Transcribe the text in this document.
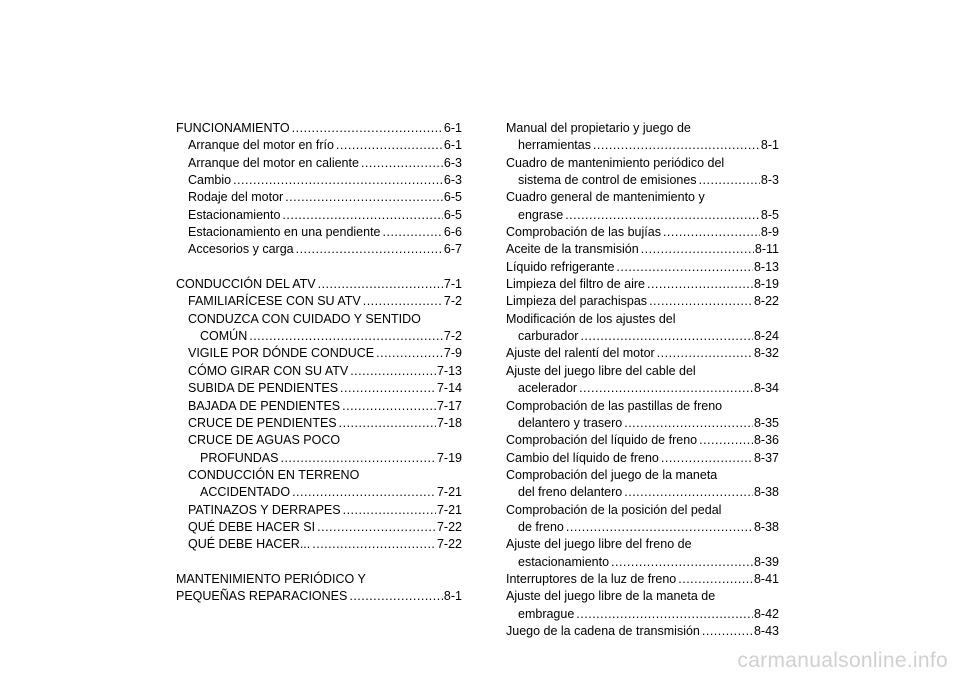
FUNCIONAMIENTO .....	6-1
Arranque del motor en frío .....	6-1
Arranque del motor en caliente .....	6-3
Cambio .....	6-3
Rodaje del motor .....	6-5
Estacionamiento .....	6-5
Estacionamiento en una pendiente .....	6-6
Accesorios y carga .....	6-7
CONDUCCIÓN DEL ATV .....	7-1
FAMILIARÍCESE CON SU ATV .....	7-2
CONDUZCA CON CUIDADO Y SENTIDO
COMÚN .....	7-2
VIGILE POR DÓNDE CONDUCE .....	7-9
CÓMO GIRAR CON SU ATV .....	7-13
SUBIDA DE PENDIENTES .....	7-14
BAJADA DE PENDIENTES .....	7-17
CRUCE DE PENDIENTES .....	7-18
CRUCE DE AGUAS POCO
PROFUNDAS .....	7-19
CONDUCCIÓN EN TERRENO
ACCIDENTADO .....	7-21
PATINAZOS Y DERRAPES .....	7-21
QUÉ DEBE HACER SI .....	7-22
QUÉ DEBE HACER... .....	7-22
MANTENIMIENTO PERIÓDICO Y
PEQUEÑAS REPARACIONES .....	8-1
Manual del propietario y juego de
herramientas .....	8-1
Cuadro de mantenimiento periódico del
sistema de control de emisiones .....	8-3
Cuadro general de mantenimiento y
engrase .....	8-5
Comprobación de las bujías .....	8-9
Aceite de la transmisión .....	8-11
Líquido refrigerante .....	8-13
Limpieza del filtro de aire .....	8-19
Limpieza del parachispas .....	8-22
Modificación de los ajustes del
carburador .....	8-24
Ajuste del ralentí del motor .....	8-32
Ajuste del juego libre del cable del
acelerador .....	8-34
Comprobación de las pastillas de freno
delantero y trasero .....	8-35
Comprobación del líquido de freno .....	8-36
Cambio del líquido de freno .....	8-37
Comprobación del juego de la maneta
del freno delantero .....	8-38
Comprobación de la posición del pedal
de freno .....	8-38
Ajuste del juego libre del freno de
estacionamiento .....	8-39
Interruptores de la luz de freno .....	8-41
Ajuste del juego libre de la maneta de
embrague .....	8-42
Juego de la cadena de transmisión .....	8-43
carmanualsonline.info
